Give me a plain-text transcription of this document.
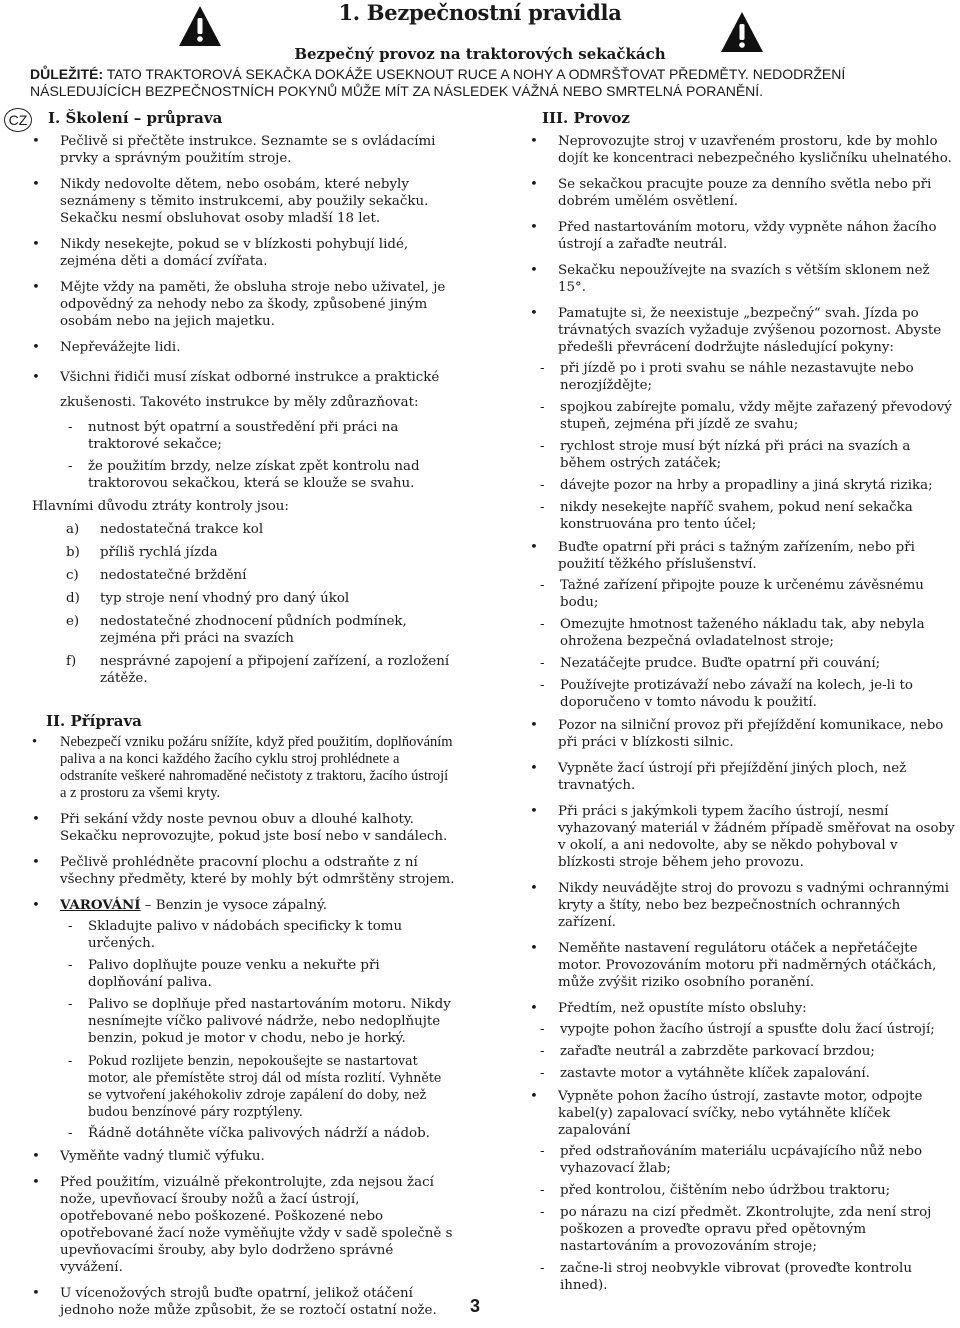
1. Bezpečnostní pravidla
Bezpečný provoz na traktorových sekačkách
DŮLEŽITÉ: TATO TRAKTOROVÁ SEKAČKA DOKÁŽE USEKNOUT RUCE A NOHY A ODMRŠŤOVAT PŘEDMĚTY. NEDODRŽENÍ NÁSLEDUJÍCÍCH BEZPEČNOSTNÍCH POKYNŮ MŮŽE MÍT ZA NÁSLEDEK VÁŽNÁ NEBO SMRTELNÁ PORANĚNÍ.
CZ	I. Školení – průprava
• Pečlivě si přečtěte instrukce. Seznamte se s ovládacími prvky a správným použitím stroje.
• Nikdy nedovolte dětem, nebo osobám, které nebyly seznámeny s těmito instrukcemi, aby použily sekačku. Sekačku nesmí obsluhovat osoby mladší 18 let.
• Nikdy nesekejte, pokud se v blízkosti pohybují lidé, zejména děti a domácí zvířata.
• Mějte vždy na paměti, že obsluha stroje nebo uživatel, je odpovědný za nehody nebo za škody, způsobené jiným osobám nebo na jejich majetku.
• Nepřevážejte lidi.
• Všichni řidiči musí získat odborné instrukce a praktické zkušenosti. Takovéto instrukce by měly zdůrazňovat:
- nutnost být opatrní a soustředění při práci na traktorové sekačce;
- že použitím brzdy, nelze získat zpět kontrolu nad traktorovou sekačkou, která se klouže se svahu.
Hlavními důvodu ztráty kontroly jsou:
a) nedostatečná trakce kol
b) příliš rychlá jízda
c) nedostatečné brždění
d) typ stroje není vhodný pro daný úkol
e) nedostatečné zhodnocení půdních podmínek, zejména při práci na svazích
f) nesprávné zapojení a připojení zařízení, a rozložení zátěže.
II. Příprava
• Nebezpečí vzniku požáru snížíte, když před použitím, doplňováním paliva a na konci každého žacího cyklu stroj prohlédnete a odstraníte veškeré nahromaděné nečistoty z traktoru, žacího ústrojí a z prostoru za všemi kryty.
• Při sekání vždy noste pevnou obuv a dlouhé kalhoty. Sekačku neprovozujte, pokud jste bosí nebo v sandálech.
• Pečlivě prohlédněte pracovní plochu a odstraňte z ní všechny předměty, které by mohly být odmrštěny strojem.
• VAROVÁNÍ – Benzin je vysoce zápalný.
- Skladujte palivo v nádobách specificky k tomu určených.
- Palivo doplňujte pouze venku a nekuřte při doplňování paliva.
- Palivo se doplňuje před nastartováním motoru. Nikdy nesnímejte víčko palivové nádrže, nebo nedoplňujte benzin, pokud je motor v chodu, nebo je horký.
- Pokud rozlijete benzin, nepokoušejte se nastartovat motor, ale přemístěte stroj dál od místa rozlití. Vyhněte se vytvoření jakéhokoliv zdroje zapálení do doby, než budou benzínové páry rozptýleny.
- Řádně dotáhněte víčka palivových nádrží a nádob.
• Vyměňte vadný tlumič výfuku.
• Před použitím, vizuálně překontrolujte, zda nejsou žací nože, upevňovací šrouby nožů a žací ústrojí, opotřebované nebo poškozené. Poškozené nebo opotřebované žací nože vyměňujte vždy v sadě společně s upevňovacími šrouby, aby bylo dodrženo správné vyvážení.
• U vícenožových strojů buďte opatrní, jelikož otáčení jednoho nože může způsobit, že se roztočí ostatní nože.
III. Provoz
• Neprovozujte stroj v uzavřeném prostoru, kde by mohlo dojít ke koncentraci nebezpečného kysličníku uhelnatého.
• Se sekačkou pracujte pouze za denního světla nebo při dobrém umělém osvětlení.
• Před nastartováním motoru, vždy vypněte náhon žacího ústrojí a zařaďte neutrál.
• Sekačku nepoužívejte na svazích s větším sklonem než 15°.
• Pamatujte si, že neexistuje „bezpečný“ svah. Jízda po trávnatých svazích vyžaduje zvýšenou pozornost. Abyste předešli převrácení dodržujte následující pokyny:
- při jízdě po i proti svahu se náhle nezastavujte nebo nerozjíždějte;
- spojkou zabírejte pomalu, vždy mějte zařazený převodový stupeň, zejména při jízdě ze svahu;
- rychlost stroje musí být nízká při práci na svazích a během ostrých zatáček;
- dávejte pozor na hrby a propadliny a jiná skrytá rizika;
- nikdy nesekejte napříč svahem, pokud není sekačka konstruována pro tento účel;
• Buďte opatrní při práci s tažným zařízením, nebo při použití těžkého příslušenství.
- Tažné zařízení připojte pouze k určenému závěsnému bodu;
- Omezujte hmotnost taženého nákladu tak, aby nebyla ohrožena bezpečná ovladatelnost stroje;
- Nezatáčejte prudce. Buďte opatrní při couvání;
- Používejte protizávaží nebo závaží na kolech, je-li to doporučeno v tomto návodu k použití.
• Pozor na silniční provoz při přejíždění komunikace, nebo při práci v blízkosti silnic.
• Vypněte žací ústrojí při přejíždění jiných ploch, než travnatých.
• Při práci s jakýmkoli typem žacího ústrojí, nesmí vyhazovaný materiál v žádném případě směřovat na osoby v okolí, a ani nedovolte, aby se někdo pohyboval v blízkosti stroje během jeho provozu.
• Nikdy neuvádějte stroj do provozu s vadnými ochrannými kryty a štíty, nebo bez bezpečnostních ochranných zařízení.
• Neměňte nastavení regulátoru otáček a nepřetáčejte motor. Provozováním motoru při nadměrných otáčkách, může zvýšit riziko osobního poranění.
• Předtím, než opustíte místo obsluhy:
- vypojte pohon žacího ústrojí a spusťte dolu žací ústrojí;
- zařaďte neutrál a zabrzděte parkovací brzdou;
- zastavte motor a vytáhněte klíček zapalování.
• Vypněte pohon žacího ústrojí, zastavte motor, odpojte kabel(y) zapalovací svíčky, nebo vytáhněte klíček zapalování
- před odstraňováním materiálu ucpávajícího nůž nebo vyhazovací žlab;
- před kontrolou, čištěním nebo údržbou traktoru;
- po nárazu na cizí předmět. Zkontrolujte, zda není stroj poškozen a proveďte opravu před opětovným nastartováním a provozováním stroje;
- začne-li stroj neobvykle vibrovat (proveďte kontrolu ihned).
3
